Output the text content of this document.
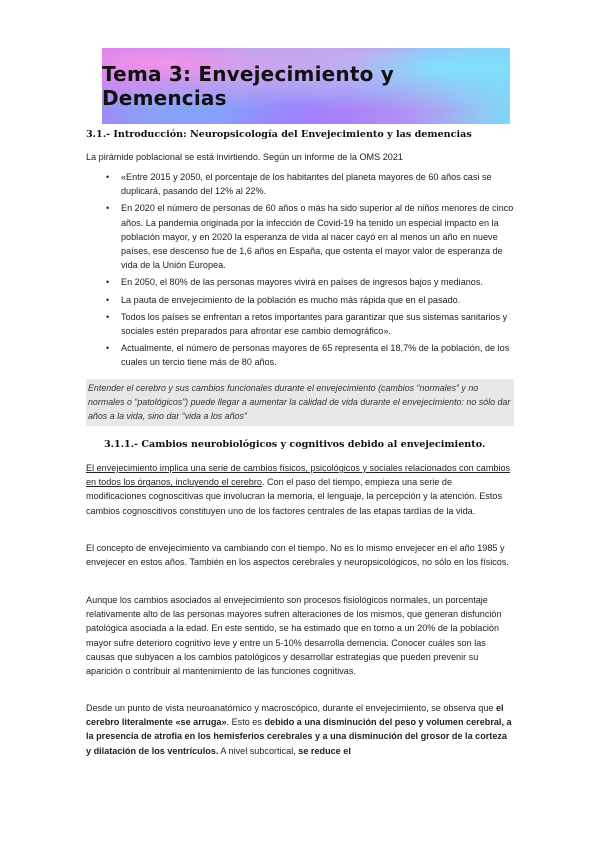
Tema 3: Envejecimiento y Demencias
3.1.- Introducción: Neuropsicología del Envejecimiento y las demencias

La pirámide poblacional se está invirtiendo. Según un informe de la OMS 2021

• «Entre 2015 y 2050, el porcentaje de los habitantes del planeta mayores de 60 años casi se duplicará, pasando del 12% al 22%.
• En 2020 el número de personas de 60 años o más ha sido superior al de niños menores de cinco años. La pandemia originada por la infección de Covid-19 ha tenido un especial impacto en la población mayor, y en 2020 la esperanza de vida al nacer cayó en al menos un año en nueve países, ese descenso fue de 1,6 años en España, que ostenta el mayor valor de esperanza de vida de la Unión Europea.
• En 2050, el 80% de las personas mayores vivirá en países de ingresos bajos y medianos.
• La pauta de envejecimiento de la población es mucho más rápida que en el pasado.
• Todos los países se enfrentan a retos importantes para garantizar que sus sistemas sanitarios y sociales estén preparados para afrontar ese cambio demográfico».
• Actualmente, el número de personas mayores de 65 representa el 18,7% de la población, de los cuales un tercio tiene más de 80 años.
Entender el cerebro y sus cambios funcionales durante el envejecimiento (cambios “normales” y no normales o “patológicos”) puede llegar a aumentar la calidad de vida durante el envejecimiento: no sólo dar años a la vida, sino dar “vida a los años”
3.1.1.- Cambios neurobiológicos y cognitivos debido al envejecimiento.

El envejecimiento implica una serie de cambios físicos, psicológicos y sociales relacionados con cambios en todos los órganos, incluyendo el cerebro. Con el paso del tiempo, empieza una serie de modificaciones cognoscitivas que involucran la memoria, el lenguaje, la percepción y la atención. Estos cambios cognoscitivos constituyen uno de los factores centrales de las etapas tardías de la vida.

El concepto de envejecimiento va cambiando con el tiempo. No es lo mismo envejecer en el año 1985 y envejecer en estos años. También en los aspectos cerebrales y neuropsicológicos, no sólo en los físicos.

Aunque los cambios asociados al envejecimiento son procesos fisiológicos normales, un porcentaje relativamente alto de las personas mayores sufren alteraciones de los mismos, que generan disfunción patológica asociada a la edad. En este sentido, se ha estimado que en torno a un 20% de la población mayor sufre deterioro cognitivo leve y entre un 5-10% desarrolla demencia. Conocer cuáles son las causas que subyacen a los cambios patológicos y desarrollar estrategias que pueden prevenir su aparición o contribuir al mantenimiento de las funciones cognitivas.

Desde un punto de vista neuroanatómico y macroscópico, durante el envejecimiento, se observa que el cerebro literalmente «se arruga». Esto es debido a una disminución del peso y volumen cerebral, a la presencia de atrofia en los hemisferios cerebrales y a una disminución del grosor de la corteza y dilatación de los ventrículos. A nivel subcortical, se reduce el
